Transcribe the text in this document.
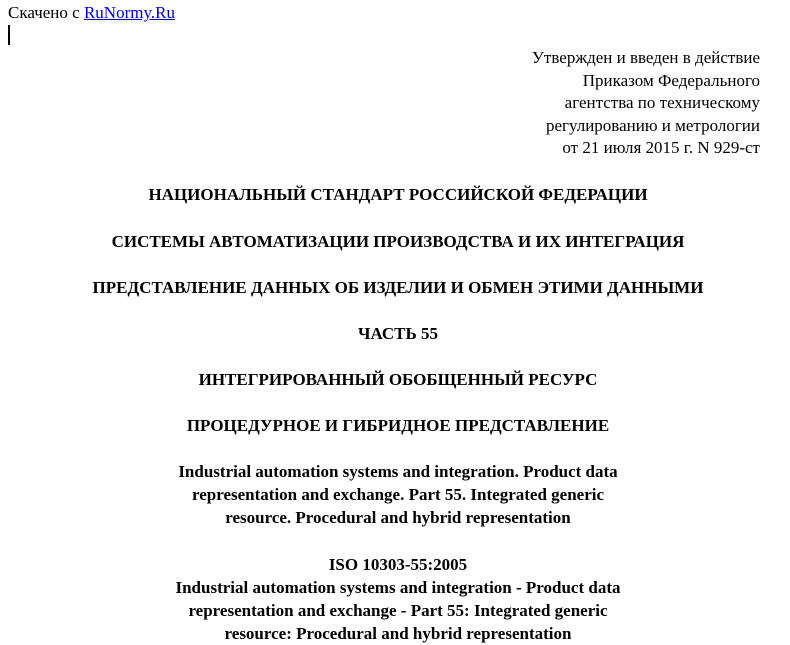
Скачено с RuNormy.Ru
Утвержден и введен в действие
Приказом Федерального
агентства по техническому
регулированию и метрологии
от 21 июля 2015 г. N 929-ст
НАЦИОНАЛЬНЫЙ СТАНДАРТ РОССИЙСКОЙ ФЕДЕРАЦИИ
СИСТЕМЫ АВТОМАТИЗАЦИИ ПРОИЗВОДСТВА И ИХ ИНТЕГРАЦИЯ
ПРЕДСТАВЛЕНИЕ ДАННЫХ ОБ ИЗДЕЛИИ И ОБМЕН ЭТИМИ ДАННЫМИ
ЧАСТЬ 55
ИНТЕГРИРОВАННЫЙ ОБОБЩЕННЫЙ РЕСУРС
ПРОЦЕДУРНОЕ И ГИБРИДНОЕ ПРЕДСТАВЛЕНИЕ
Industrial automation systems and integration. Product data
representation and exchange. Part 55. Integrated generic
resource. Procedural and hybrid representation
ISO 10303-55:2005
Industrial automation systems and integration - Product data
representation and exchange - Part 55: Integrated generic
resource: Procedural and hybrid representation
